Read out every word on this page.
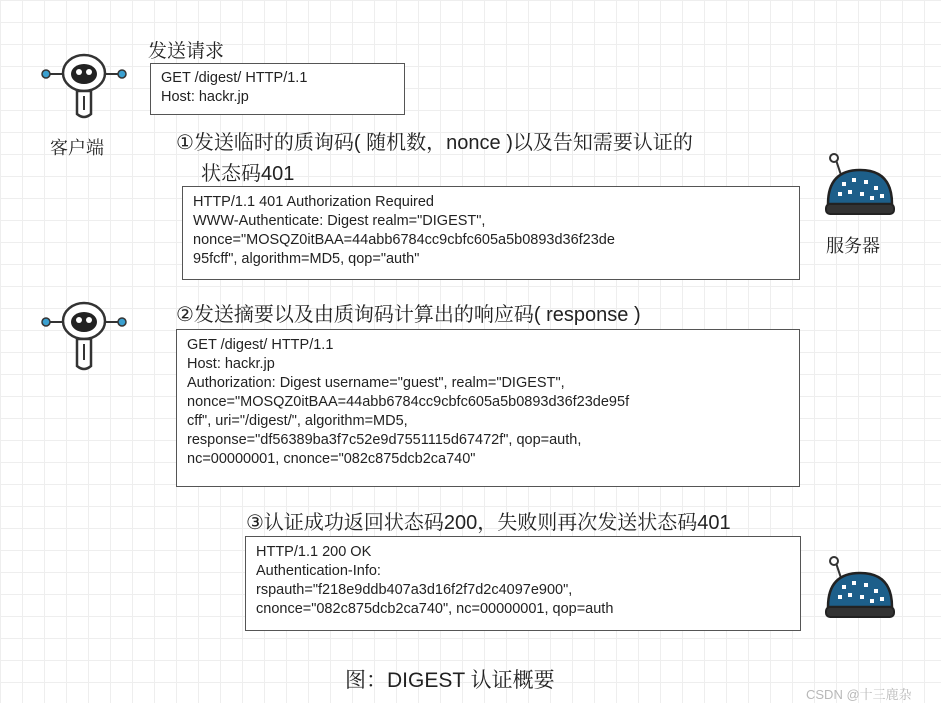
客户端
服务器
发送请求
GET /digest/ HTTP/1.1
Host: hackr.jp
①发送临时的质询码( 随机数，nonce )以及告知需要认证的
状态码401
HTTP/1.1 401 Authorization Required
WWW-Authenticate: Digest realm="DIGEST",
nonce="MOSQZ0itBAA=44abb6784cc9cbfc605a5b0893d36f23de
95fcff", algorithm=MD5, qop="auth"
②发送摘要以及由质询码计算出的响应码( response )
GET /digest/ HTTP/1.1
Host: hackr.jp
Authorization: Digest username="guest", realm="DIGEST",
nonce="MOSQZ0itBAA=44abb6784cc9cbfc605a5b0893d36f23de95f
cff", uri="/digest/", algorithm=MD5,
response="df56389ba3f7c52e9d7551115d67472f", qop=auth,
nc=00000001, cnonce="082c875dcb2ca740"
③认证成功返回状态码200，失败则再次发送状态码401
HTTP/1.1 200 OK
Authentication-Info:
rspauth="f218e9ddb407a3d16f2f7d2c4097e900",
cnonce="082c875dcb2ca740", nc=00000001, qop=auth
图：DIGEST 认证概要
CSDN @十三鹿杂
